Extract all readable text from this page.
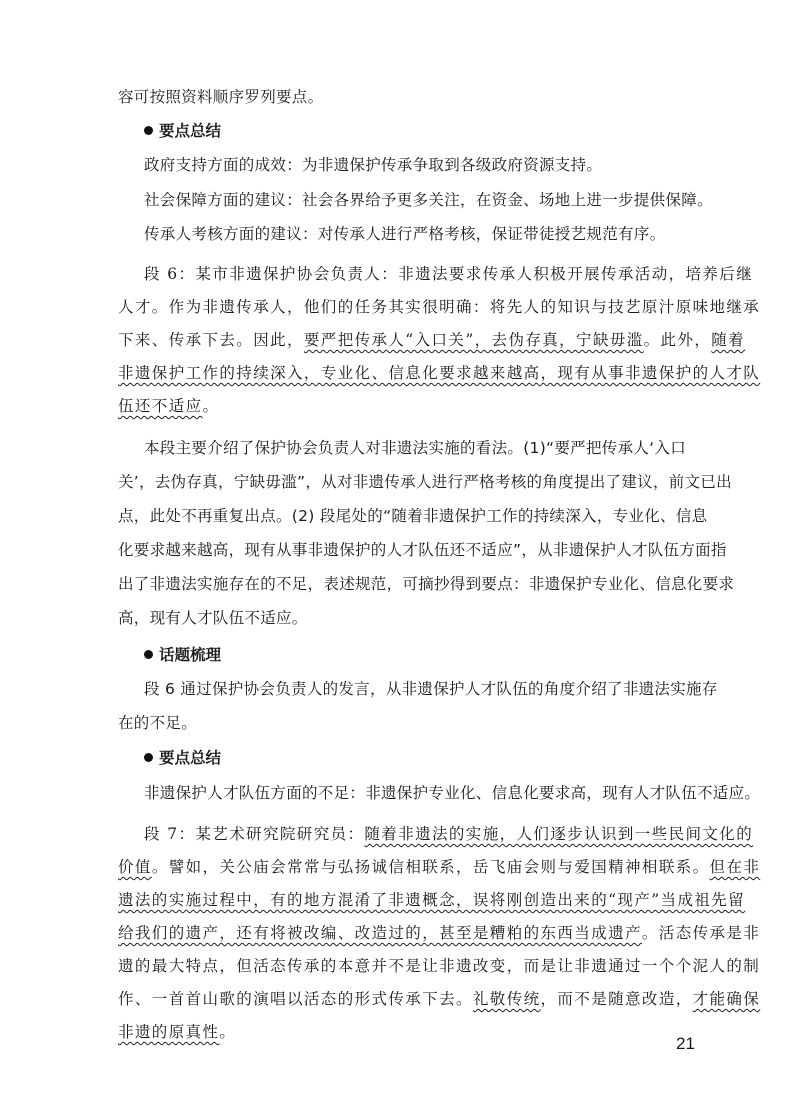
容可按照资料顺序罗列要点。
要点总结
政府支持方面的成效：为非遗保护传承争取到各级政府资源支持。
社会保障方面的建议：社会各界给予更多关注，在资金、场地上进一步提供保障。
传承人考核方面的建议：对传承人进行严格考核，保证带徒授艺规范有序。
段 6：某市非遗保护协会负责人：非遗法要求传承人积极开展传承活动，培养后继
人才。作为非遗传承人，他们的任务其实很明确：将先人的知识与技艺原汁原味地继承
下来、传承下去。因此，要严把传承人“入口关”，去伪存真，宁缺毋滥。此外，随着
非遗保护工作的持续深入，专业化、信息化要求越来越高，现有从事非遗保护的人才队
伍还不适应。
本段主要介绍了保护协会负责人对非遗法实施的看法。(1)“要严把传承人‘入口
关’，去伪存真，宁缺毋滥”，从对非遗传承人进行严格考核的角度提出了建议，前文已出
点，此处不再重复出点。(2) 段尾处的“随着非遗保护工作的持续深入，专业化、信息
化要求越来越高，现有从事非遗保护的人才队伍还不适应”，从非遗保护人才队伍方面指
出了非遗法实施存在的不足，表述规范，可摘抄得到要点：非遗保护专业化、信息化要求
高，现有人才队伍不适应。
话题梳理
段 6 通过保护协会负责人的发言，从非遗保护人才队伍的角度介绍了非遗法实施存
在的不足。
要点总结
非遗保护人才队伍方面的不足：非遗保护专业化、信息化要求高，现有人才队伍不适应。
段 7：某艺术研究院研究员：随着非遗法的实施，人们逐步认识到一些民间文化的
价值。譬如，关公庙会常常与弘扬诚信相联系，岳飞庙会则与爱国精神相联系。但在非
遗法的实施过程中，有的地方混淆了非遗概念，误将刚创造出来的“现产”当成祖先留
给我们的遗产，还有将被改编、改造过的，甚至是糟粕的东西当成遗产。活态传承是非
遗的最大特点，但活态传承的本意并不是让非遗改变，而是让非遗通过一个个泥人的制
作、一首首山歌的演唱以活态的形式传承下去。礼敬传统，而不是随意改造，才能确保
非遗的原真性。
21
